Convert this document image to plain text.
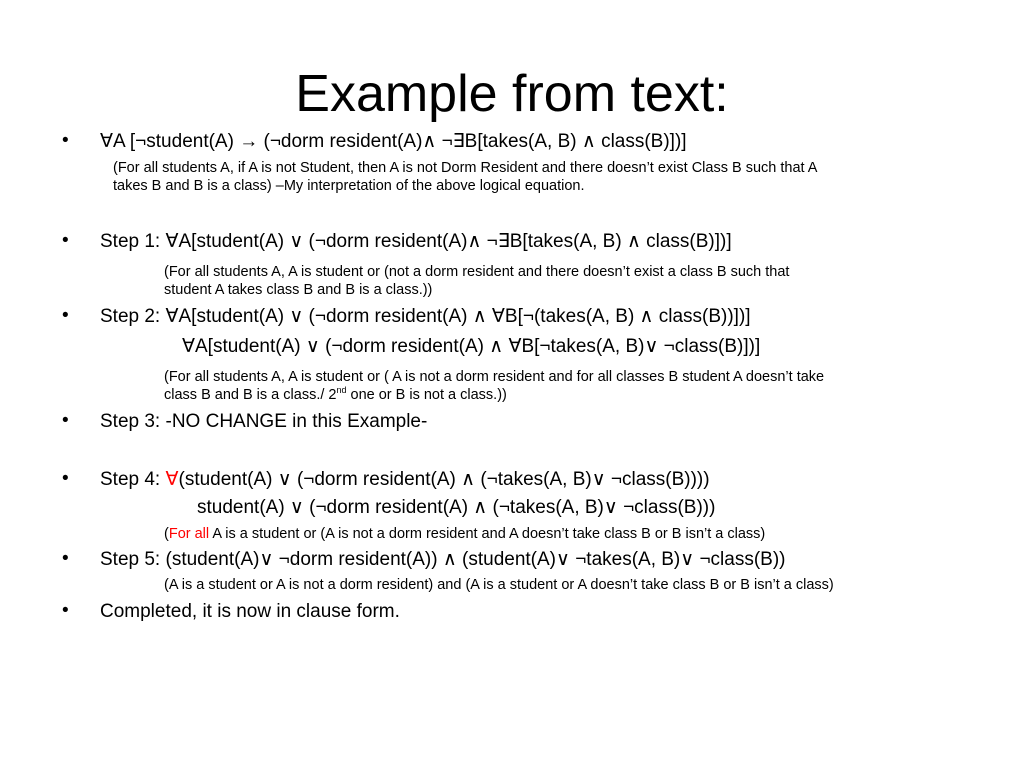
Example from text:
• ∀A [¬student(A) → (¬dorm resident(A)∧ ¬∃B[takes(A, B) ∧ class(B)])]
(For all students A, if A is not Student, then A is not Dorm Resident and there doesn’t exist Class B such that A
takes B and B is a class) –My interpretation of the above logical equation.
• Step 1: ∀A[student(A) ∨ (¬dorm resident(A)∧ ¬∃B[takes(A, B) ∧ class(B)])]
(For all students A, A is student or (not a dorm resident and there doesn’t exist a class B such that
student A takes class B and B is a class.))
• Step 2: ∀A[student(A) ∨ (¬dorm resident(A) ∧ ∀B[¬(takes(A, B) ∧ class(B))])]
∀A[student(A) ∨ (¬dorm resident(A) ∧ ∀B[¬takes(A, B)∨ ¬class(B)])]
(For all students A, A is student or ( A is not a dorm resident and for all classes B student A doesn’t take
class B and B is a class./ 2nd one or B is not a class.))
• Step 3: -NO CHANGE in this Example-
• Step 4: ∀(student(A) ∨ (¬dorm resident(A) ∧ (¬takes(A, B)∨ ¬class(B))))
student(A) ∨ (¬dorm resident(A) ∧ (¬takes(A, B)∨ ¬class(B)))
(For all A is a student or (A is not a dorm resident and A doesn’t take class B or B isn’t a class)
• Step 5: (student(A)∨ ¬dorm resident(A)) ∧ (student(A)∨ ¬takes(A, B)∨ ¬class(B))
(A is a student or A is not a dorm resident) and (A is a student or A doesn’t take class B or B isn’t a class)
• Completed, it is now in clause form.
